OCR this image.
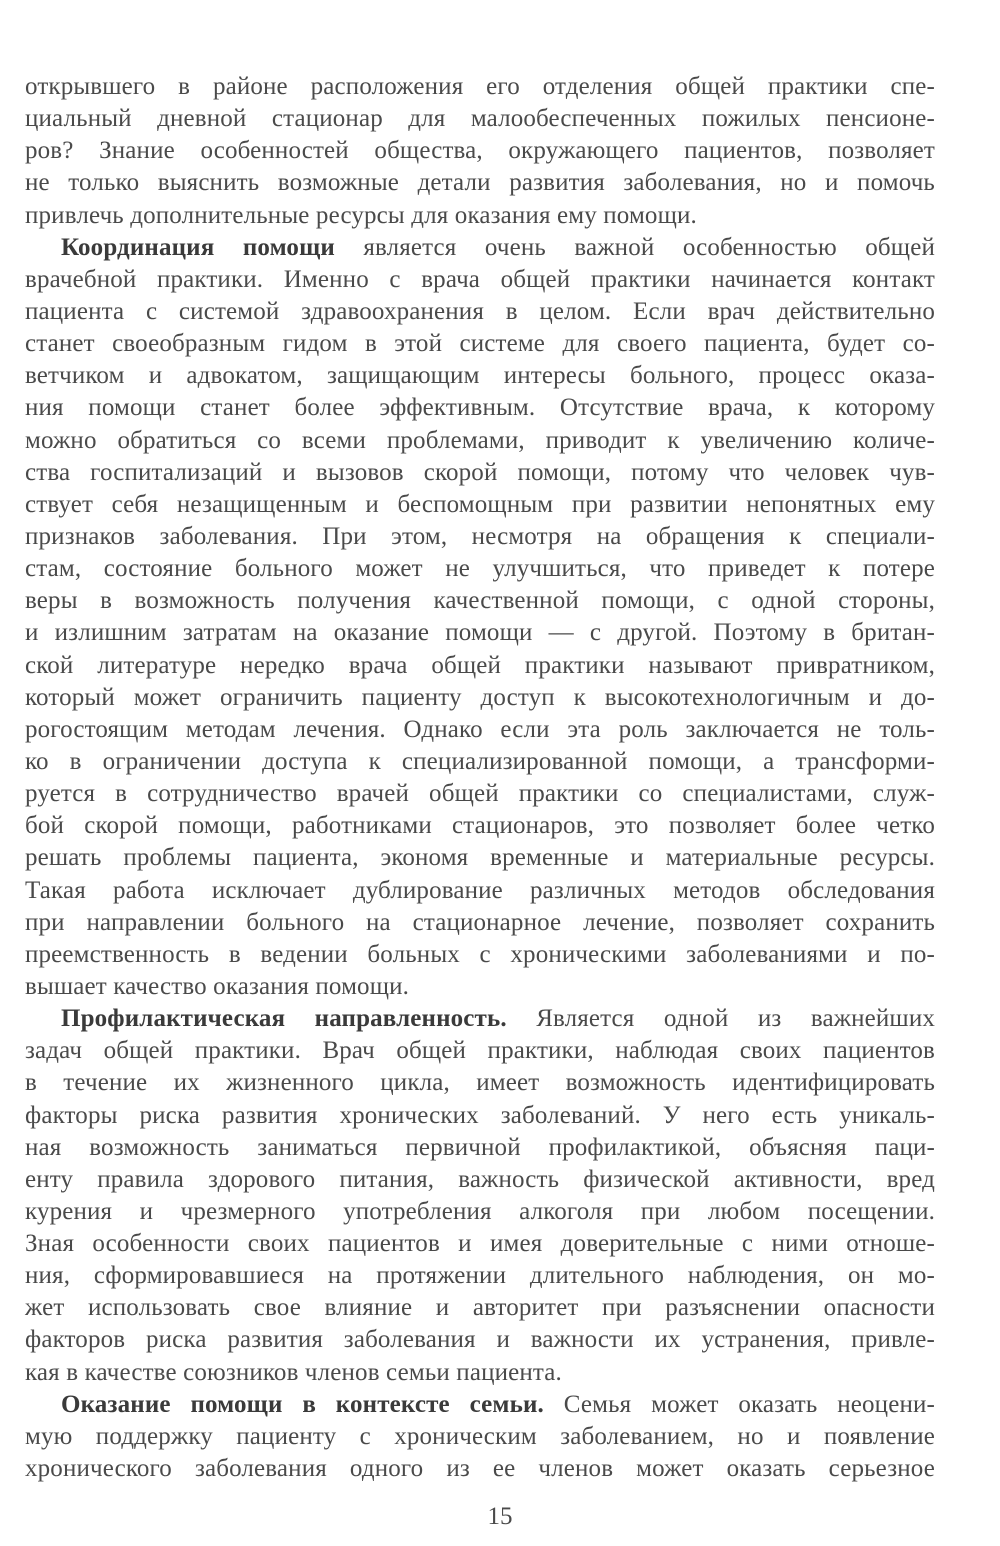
открывшего в районе расположения его отделения общей практики спе-
циальный дневной стационар для малообеспеченных пожилых пенсионе-
ров? Знание особенностей общества, окружающего пациентов, позволяет
не только выяснить возможные детали развития заболевания, но и помочь
привлечь дополнительные ресурсы для оказания ему помощи.
Координация помощи является очень важной особенностью общей
врачебной практики. Именно с врача общей практики начинается контакт
пациента с системой здравоохранения в целом. Если врач действительно
станет своеобразным гидом в этой системе для своего пациента, будет со-
ветчиком и адвокатом, защищающим интересы больного, процесс оказа-
ния помощи станет более эффективным. Отсутствие врача, к которому
можно обратиться со всеми проблемами, приводит к увеличению количе-
ства госпитализаций и вызовов скорой помощи, потому что человек чув-
ствует себя незащищенным и беспомощным при развитии непонятных ему
признаков заболевания. При этом, несмотря на обращения к специали-
стам, состояние больного может не улучшиться, что приведет к потере
веры в возможность получения качественной помощи, с одной стороны,
и излишним затратам на оказание помощи — с другой. Поэтому в британ-
ской литературе нередко врача общей практики называют привратником,
который может ограничить пациенту доступ к высокотехнологичным и до-
рогостоящим методам лечения. Однако если эта роль заключается не толь-
ко в ограничении доступа к специализированной помощи, а трансформи-
руется в сотрудничество врачей общей практики со специалистами, служ-
бой скорой помощи, работниками стационаров, это позволяет более четко
решать проблемы пациента, экономя временные и материальные ресурсы.
Такая работа исключает дублирование различных методов обследования
при направлении больного на стационарное лечение, позволяет сохранить
преемственность в ведении больных с хроническими заболеваниями и по-
вышает качество оказания помощи.
Профилактическая направленность. Является одной из важнейших
задач общей практики. Врач общей практики, наблюдая своих пациентов
в течение их жизненного цикла, имеет возможность идентифицировать
факторы риска развития хронических заболеваний. У него есть уникаль-
ная возможность заниматься первичной профилактикой, объясняя паци-
енту правила здорового питания, важность физической активности, вред
курения и чрезмерного употребления алкоголя при любом посещении.
Зная особенности своих пациентов и имея доверительные с ними отноше-
ния, сформировавшиеся на протяжении длительного наблюдения, он мо-
жет использовать свое влияние и авторитет при разъяснении опасности
факторов риска развития заболевания и важности их устранения, привле-
кая в качестве союзников членов семьи пациента.
Оказание помощи в контексте семьи. Семья может оказать неоцени-
мую поддержку пациенту с хроническим заболеванием, но и появление
хронического заболевания одного из ее членов может оказать серьезное
15
